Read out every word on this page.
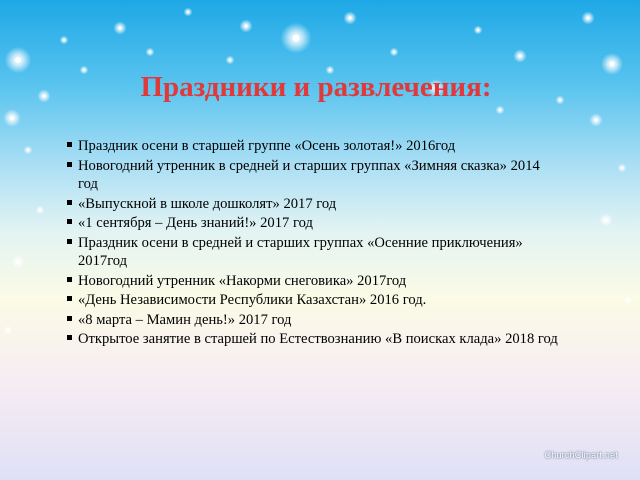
Праздники и развлечения:
Праздник осени в старшей группе «Осень золотая!» 2016год
Новогодний утренник в средней и старших группах «Зимняя сказка» 2014 год
«Выпускной в школе дошколят» 2017 год
«1 сентября – День знаний!» 2017 год
Праздник осени в средней и старших группах «Осенние приключения» 2017год
Новогодний утренник «Накорми снеговика» 2017год
«День Независимости Республики Казахстан» 2016 год.
«8 марта – Мамин день!» 2017 год
Открытое занятие в старшей по Естествознанию «В поисках клада» 2018 год
ChurchClipart.net
